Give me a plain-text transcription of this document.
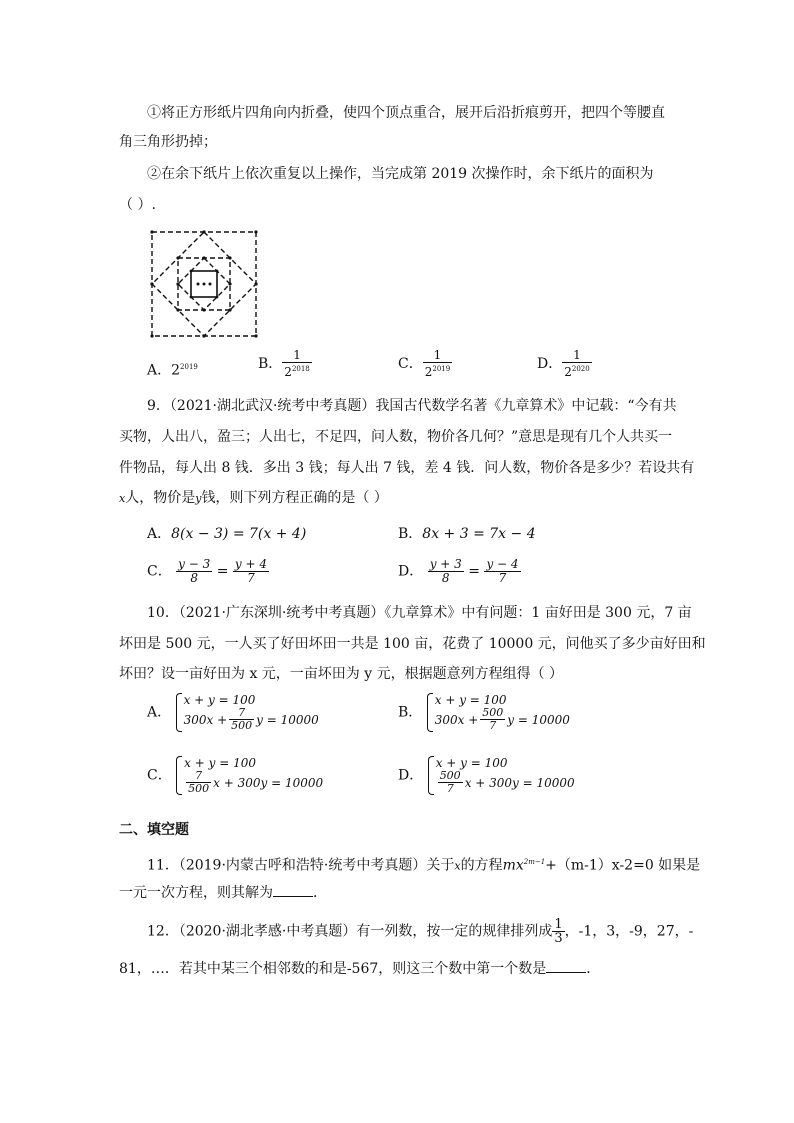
①将正方形纸片四角向内折叠，使四个顶点重合，展开后沿折痕剪开，把四个等腰直
角三角形扔掉；
②在余下纸片上依次重复以上操作，当完成第 2019 次操作时，余下纸片的面积为
（ ）.
A．$2^{2019}$	B． $\frac{1}{2^{2018}}$	C． $\frac{1}{2^{2019}}$	D． $\frac{1}{2^{2020}}$
9．（2021·湖北武汉·统考中考真题）我国古代数学名著《九章算术》中记载：“今有共
买物，人出八，盈三；人出七，不足四，问人数，物价各几何？”意思是现有几个人共买一
件物品，每人出 8 钱．多出 3 钱；每人出 7 钱，差 4 钱．问人数，物价各是多少？若设共有
x人，物价是y钱，则下列方程正确的是（ ）
A．8(x − 3) = 7(x + 4)	B．8x + 3 = 7x − 4
C． $\frac{y - 3}{8} = \frac{y + 4}{7}$	D． $\frac{y + 3}{8} = \frac{y - 4}{7}$
10．（2021·广东深圳·统考中考真题）《九章算术》中有问题：1 亩好田是 300 元，7 亩
坏田是 500 元，一人买了好田坏田一共是 100 亩，花费了 10000 元，问他买了多少亩好田和
坏田？设一亩好田为 x 元，一亩坏田为 y 元，根据题意列方程组得（ ）
A．
x + y = 100
$300x + \frac{7}{500}$ y = 10000	B．
x + y = 100
$300x + \frac{500}{7}$ y = 10000
C．
x + y = 100
$\frac{7}{500}$ x + 300y = 10000	D．
x + y = 100
$\frac{500}{7}$ x + 300y = 10000
二、填空题
11．（2019·内蒙古呼和浩特·统考中考真题）关于x的方程$mx^{2m-1}+(m-1)x-2=0$ 如果是
一元一次方程，则其解为	．
12．（2020·湖北孝感·中考真题）有一列数，按一定的规律排列成 $\frac{1}{3}$ ，-1，3，-9，27，-
81，…．若其中某三个相邻数的和是-567，则这三个数中第一个数是	．
